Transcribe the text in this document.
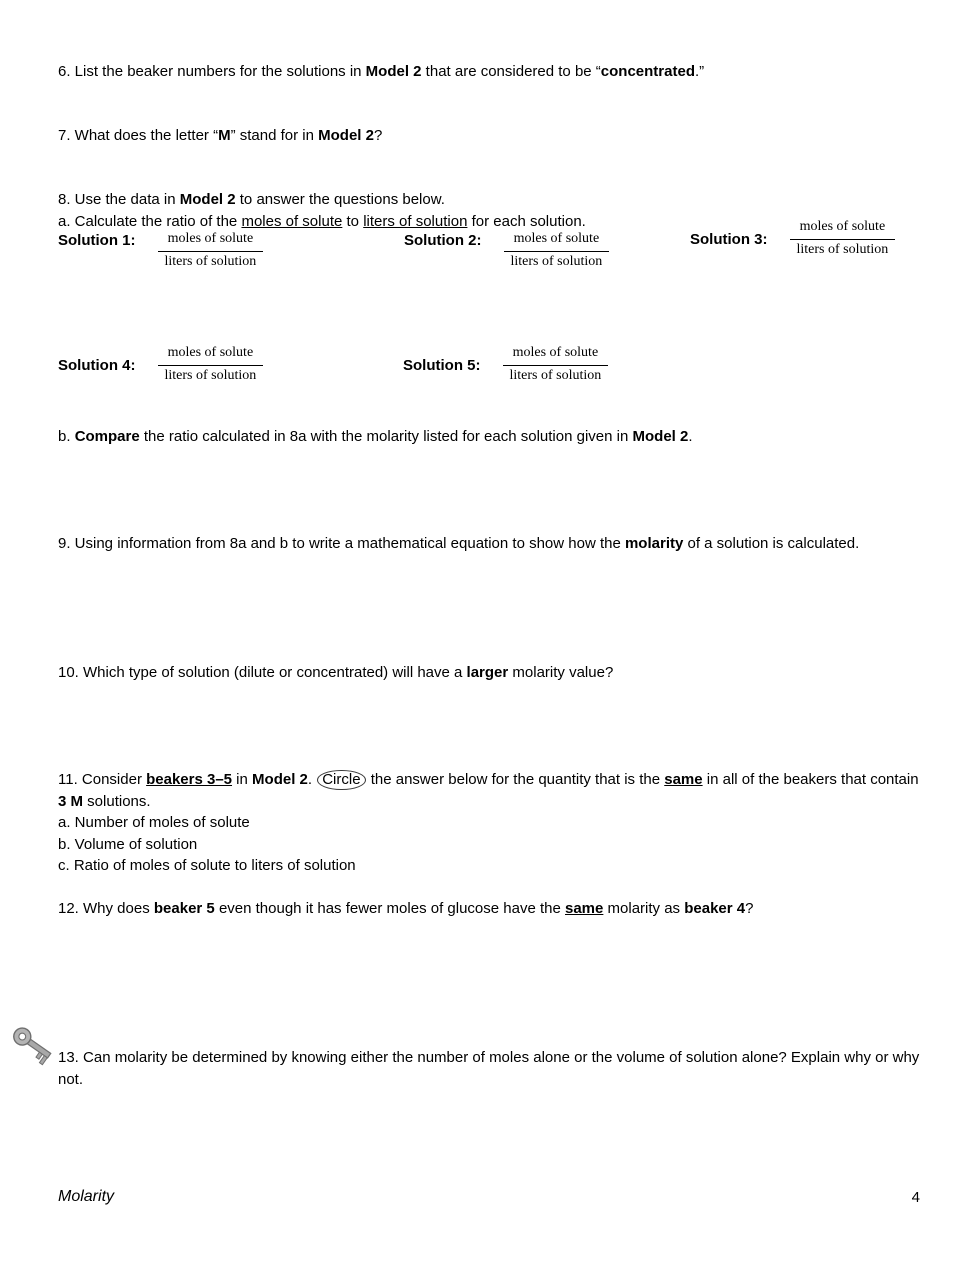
6. List the beaker numbers for the solutions in Model 2 that are considered to be “concentrated.”

7. What does the letter “M” stand for in Model 2?

8. Use the data in Model 2 to answer the questions below.

a. Calculate the ratio of the moles of solute to liters of solution for each solution.

Solution 1: $\frac{\text{moles of solute}}{\text{liters of solution}}$	Solution 2: $\frac{\text{moles of solute}}{\text{liters of solution}}$	Solution 3: $\frac{\text{moles of solute}}{\text{liters of solution}}$
Solution 4: $\frac{\text{moles of solute}}{\text{liters of solution}}$	Solution 5: $\frac{\text{moles of solute}}{\text{liters of solution}}$

b. Compare the ratio calculated in 8a with the molarity listed for each solution given in Model 2.

9. Using information from 8a and b to write a mathematical equation to show how the molarity of a solution is calculated.

10. Which type of solution (dilute or concentrated) will have a larger molarity value?

11. Consider beakers 3–5 in Model 2. Circle the answer below for the quantity that is the same in all of the beakers that contain 3 M solutions.

a. Number of moles of solute

b. Volume of solution

c. Ratio of moles of solute to liters of solution

12. Why does beaker 5 even though it has fewer moles of glucose have the same molarity as beaker 4?

13. Can molarity be determined by knowing either the number of moles alone or the volume of solution alone? Explain why or why not.

Molarity	4
